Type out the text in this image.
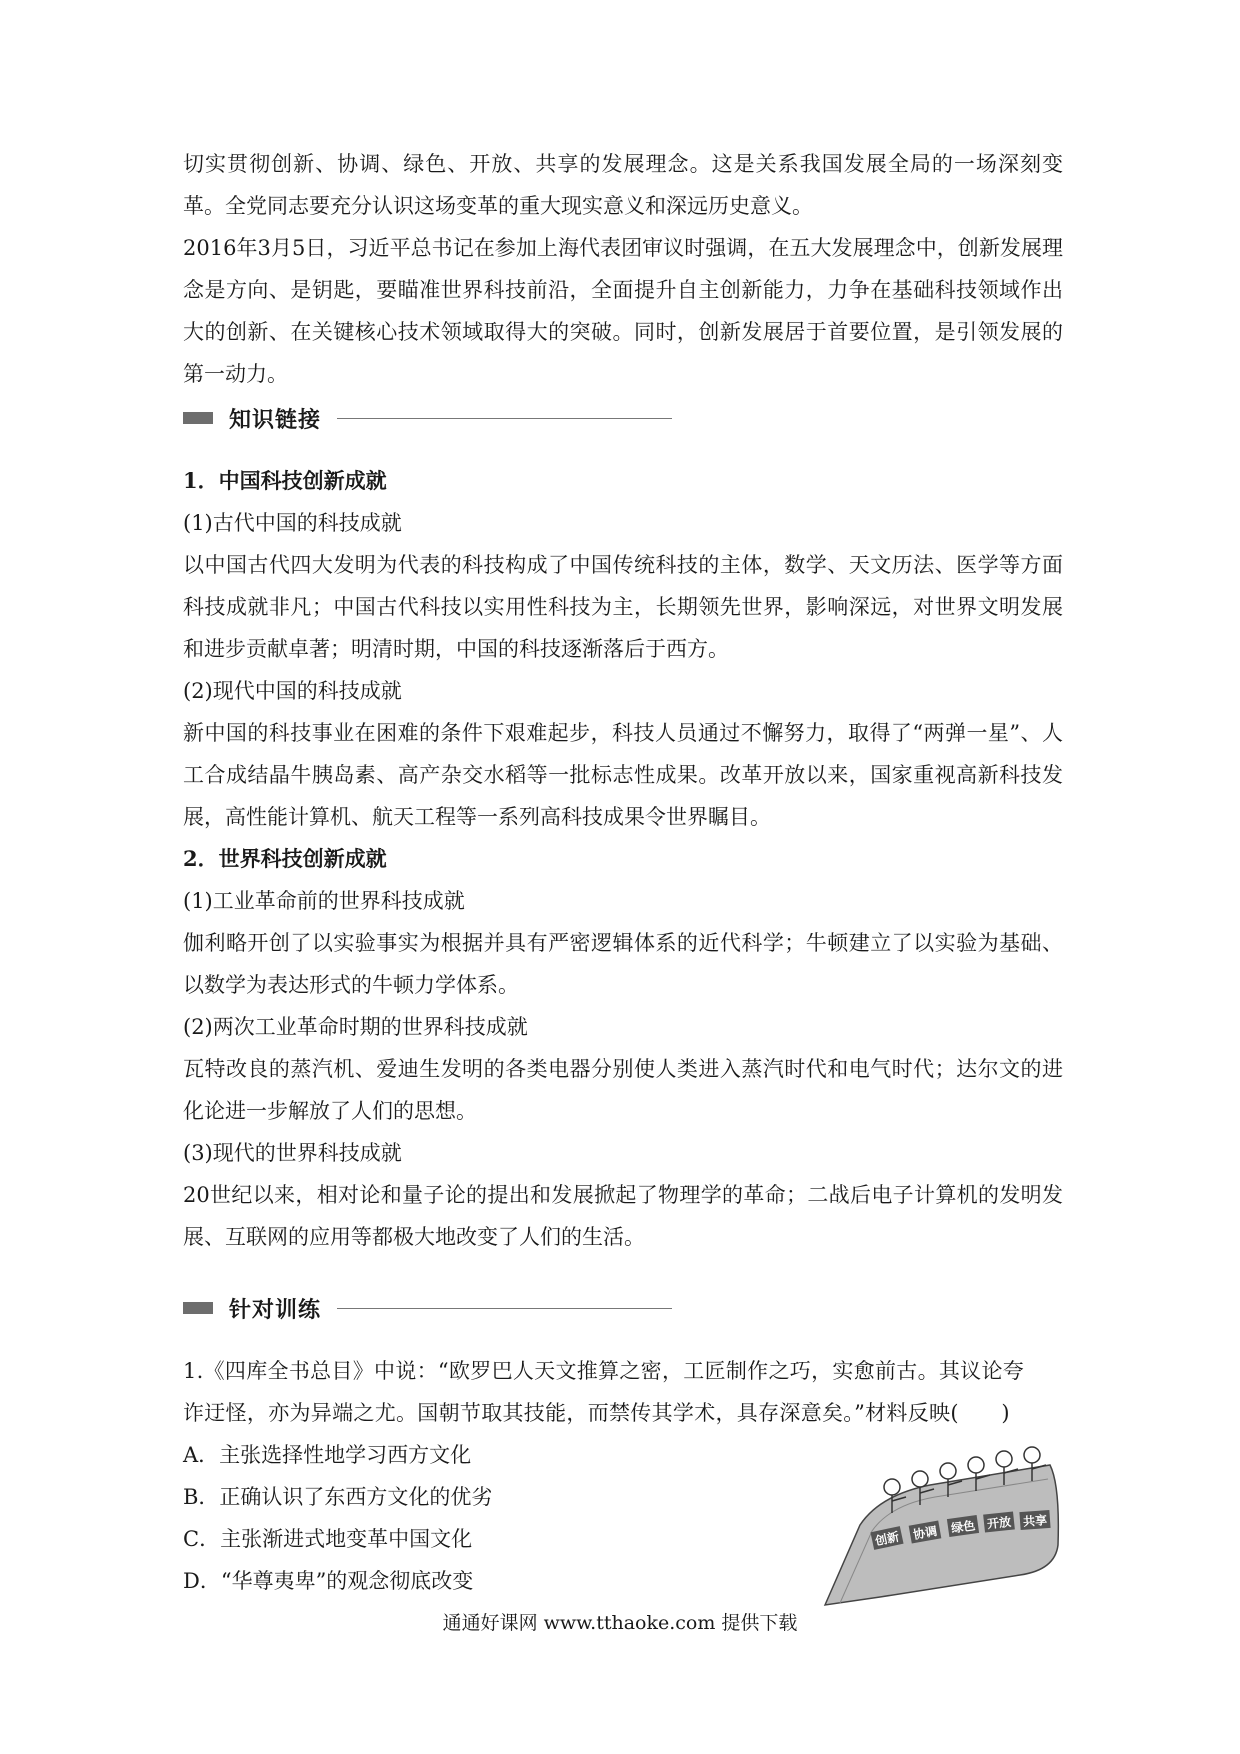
切实贯彻创新、协调、绿色、开放、共享的发展理念。这是关系我国发展全局的一场深刻变革。全党同志要充分认识这场变革的重大现实意义和深远历史意义。

2016年3月5日，习近平总书记在参加上海代表团审议时强调，在五大发展理念中，创新发展理念是方向、是钥匙，要瞄准世界科技前沿，全面提升自主创新能力，力争在基础科技领域作出大的创新、在关键核心技术领域取得大的突破。同时，创新发展居于首要位置，是引领发展的第一动力。

知识链接

1．中国科技创新成就

(1)古代中国的科技成就

以中国古代四大发明为代表的科技构成了中国传统科技的主体，数学、天文历法、医学等方面科技成就非凡；中国古代科技以实用性科技为主，长期领先世界，影响深远，对世界文明发展和进步贡献卓著；明清时期，中国的科技逐渐落后于西方。

(2)现代中国的科技成就

新中国的科技事业在困难的条件下艰难起步，科技人员通过不懈努力，取得了“两弹一星”、人工合成结晶牛胰岛素、高产杂交水稻等一批标志性成果。改革开放以来，国家重视高新科技发展，高性能计算机、航天工程等一系列高科技成果令世界瞩目。

2．世界科技创新成就

(1)工业革命前的世界科技成就

伽利略开创了以实验事实为根据并具有严密逻辑体系的近代科学；牛顿建立了以实验为基础、以数学为表达形式的牛顿力学体系。

(2)两次工业革命时期的世界科技成就

瓦特改良的蒸汽机、爱迪生发明的各类电器分别使人类进入蒸汽时代和电气时代；达尔文的进化论进一步解放了人们的思想。

(3)现代的世界科技成就

20世纪以来，相对论和量子论的提出和发展掀起了物理学的革命；二战后电子计算机的发明发展、互联网的应用等都极大地改变了人们的生活。

针对训练

1.《四库全书总目》中说：“欧罗巴人天文推算之密，工匠制作之巧，实愈前古。其议论夸

诈迂怪，亦为异端之尤。国朝节取其技能，而禁传其学术，具存深意矣。”材料反映(　　)

A．主张选择性地学习西方文化

B．正确认识了东西方文化的优劣

C．主张渐进式地变革中国文化

D．“华尊夷卑”的观念彻底改变

创新 协调 绿色 开放 共享
通通好课网 www.tthaoke.com 提供下载
